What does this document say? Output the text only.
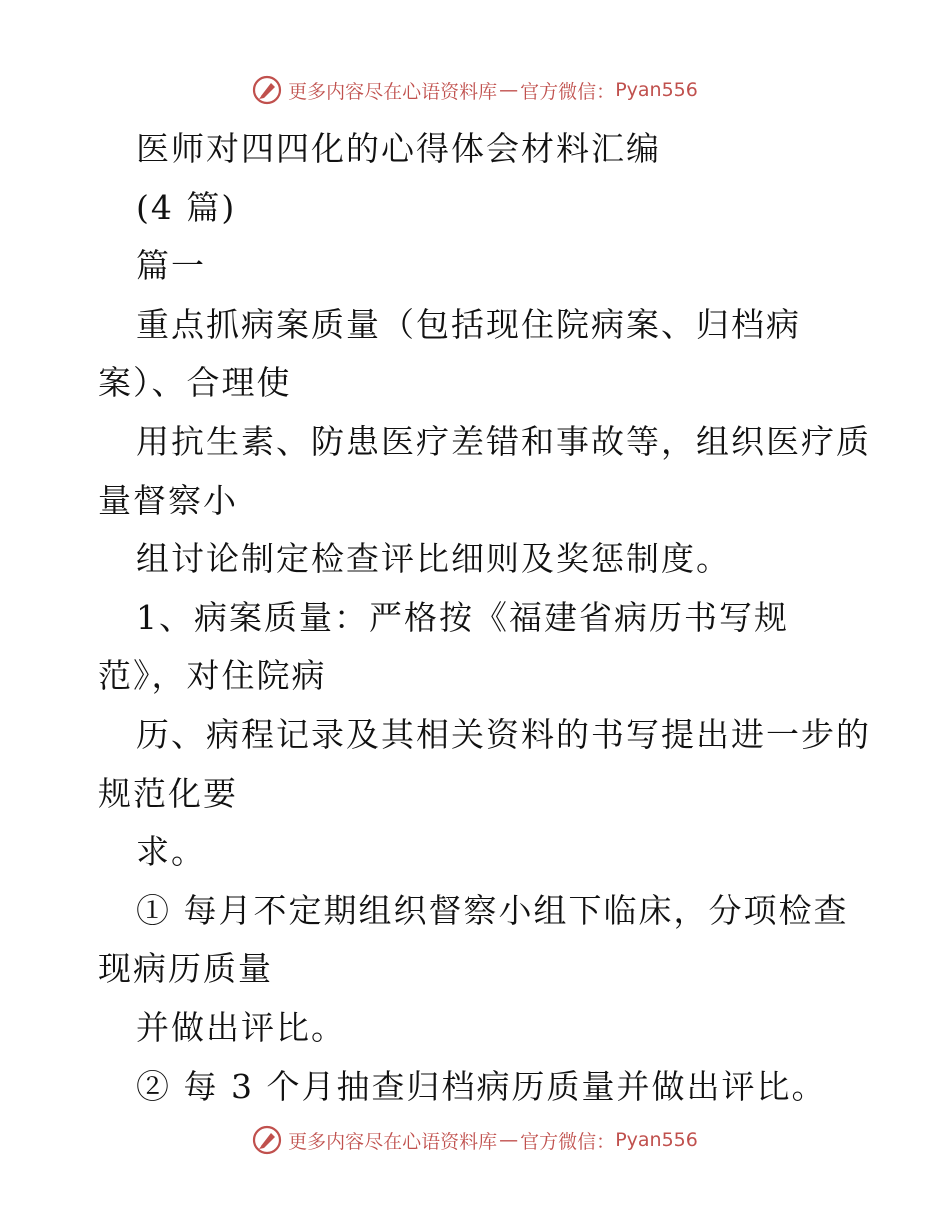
更多内容尽在心语资料库 — 官方微信： Pyan556
医师对四四化的心得体会材料汇编
(4 篇)
篇一
重点抓病案质量（包括现住院病案、归档病
案）、合理使
用抗生素、防患医疗差错和事故等，组织医疗质
量督察小
组讨论制定检查评比细则及奖惩制度。
1、病案质量：严格按《福建省病历书写规
范》，对住院病
历、病程记录及其相关资料的书写提出进一步的
规范化要
求。
① 每月不定期组织督察小组下临床，分项检查
现病历质量
并做出评比。
② 每 3 个月抽查归档病历质量并做出评比。
更多内容尽在心语资料库 — 官方微信： Pyan556
